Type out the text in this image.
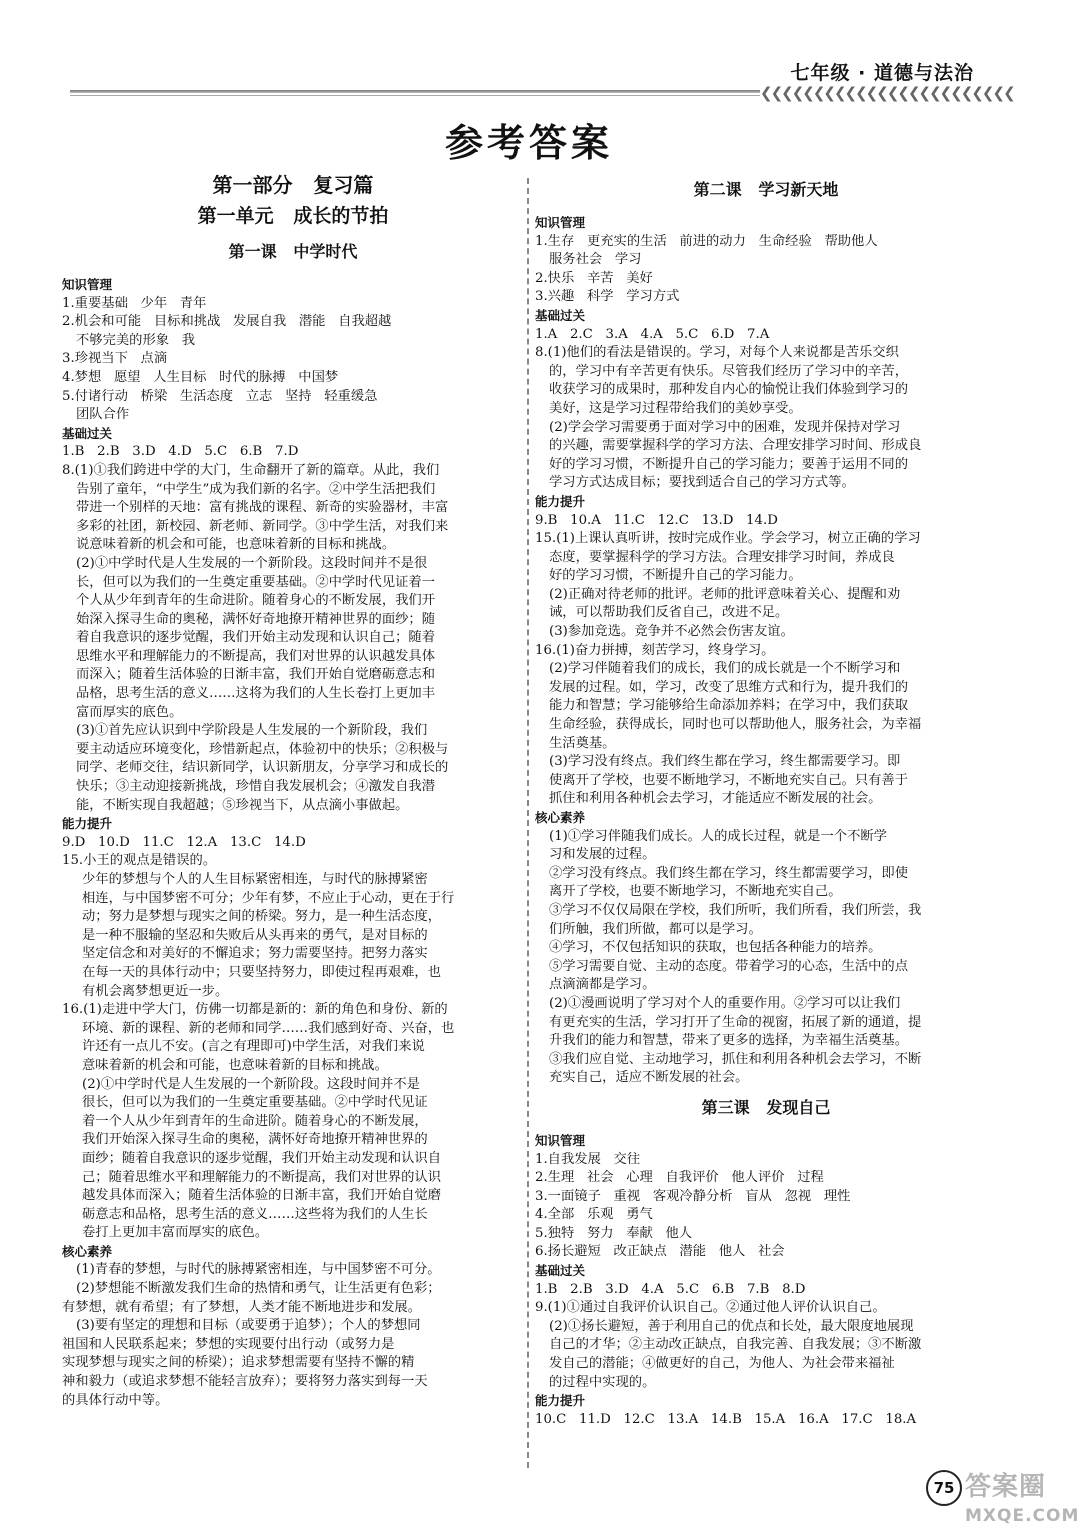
七年级 · 道德与法治
❮❮❮❮❮❮❮❮❮❮❮❮❮❮❮❮❮❮❮❮❮❮❮❮
参考答案
第一部分   复习篇
第一单元   成长的节拍
第一课   中学时代
知识管理
1.重要基础   少年   青年
2.机会和可能   目标和挑战   发展自我   潜能   自我超越
不够完美的形象   我
3.珍视当下   点滴
4.梦想   愿望   人生目标   时代的脉搏   中国梦
5.付诸行动   桥梁   生活态度   立志   坚持   轻重缓急
团队合作
基础过关
1.B   2.B   3.D   4.D   5.C   6.B   7.D
8.(1)①我们跨进中学的大门，生命翻开了新的篇章。从此，我们
告别了童年，“中学生”成为我们新的名字。②中学生活把我们
带进一个别样的天地：富有挑战的课程、新奇的实验器材，丰富
多彩的社团，新校园、新老师、新同学。③中学生活，对我们来
说意味着新的机会和可能，也意味着新的目标和挑战。
(2)①中学时代是人生发展的一个新阶段。这段时间并不是很
长，但可以为我们的一生奠定重要基础。②中学时代见证着一
个人从少年到青年的生命进阶。随着身心的不断发展，我们开
始深入探寻生命的奥秘，满怀好奇地撩开精神世界的面纱；随
着自我意识的逐步觉醒，我们开始主动发现和认识自己；随着
思维水平和理解能力的不断提高，我们对世界的认识越发具体
而深入；随着生活体验的日渐丰富，我们开始自觉磨砺意志和
品格，思考生活的意义……这将为我们的人生长卷打上更加丰
富而厚实的底色。
(3)①首先应认识到中学阶段是人生发展的一个新阶段，我们
要主动适应环境变化，珍惜新起点，体验初中的快乐；②积极与
同学、老师交往，结识新同学，认识新朋友，分享学习和成长的
快乐；③主动迎接新挑战，珍惜自我发展机会；④激发自我潜
能，不断实现自我超越；⑤珍视当下，从点滴小事做起。
能力提升
9.D   10.D   11.C   12.A   13.C   14.D
15.小王的观点是错误的。
少年的梦想与个人的人生目标紧密相连，与时代的脉搏紧密
相连，与中国梦密不可分；少年有梦，不应止于心动，更在于行
动；努力是梦想与现实之间的桥梁。努力，是一种生活态度，
是一种不服输的坚忍和失败后从头再来的勇气，是对目标的
坚定信念和对美好的不懈追求；努力需要坚持。把努力落实
在每一天的具体行动中；只要坚持努力，即使过程再艰难，也
有机会离梦想更近一步。
16.(1)走进中学大门，仿佛一切都是新的：新的角色和身份、新的
环境、新的课程、新的老师和同学……我们感到好奇、兴奋，也
许还有一点儿不安。(言之有理即可)中学生活，对我们来说
意味着新的机会和可能，也意味着新的目标和挑战。
(2)①中学时代是人生发展的一个新阶段。这段时间并不是
很长，但可以为我们的一生奠定重要基础。②中学时代见证
着一个人从少年到青年的生命进阶。随着身心的不断发展，
我们开始深入探寻生命的奥秘，满怀好奇地撩开精神世界的
面纱；随着自我意识的逐步觉醒，我们开始主动发现和认识自
己；随着思维水平和理解能力的不断提高，我们对世界的认识
越发具体而深入；随着生活体验的日渐丰富，我们开始自觉磨
砺意志和品格，思考生活的意义……这些将为我们的人生长
卷打上更加丰富而厚实的底色。
核心素养
(1)青春的梦想，与时代的脉搏紧密相连，与中国梦密不可分。
(2)梦想能不断激发我们生命的热情和勇气，让生活更有色彩；
有梦想，就有希望；有了梦想，人类才能不断地进步和发展。
(3)要有坚定的理想和目标（或要勇于追梦）；个人的梦想同
祖国和人民联系起来；梦想的实现要付出行动（或努力是
实现梦想与现实之间的桥梁）；追求梦想需要有坚持不懈的精
神和毅力（或追求梦想不能轻言放弃）；要将努力落实到每一天
的具体行动中等。
第二课   学习新天地
知识管理
1.生存   更充实的生活   前进的动力   生命经验   帮助他人
服务社会   学习
2.快乐   辛苦   美好
3.兴趣   科学   学习方式
基础过关
1.A   2.C   3.A   4.A   5.C   6.D   7.A
8.(1)他们的看法是错误的。学习，对每个人来说都是苦乐交织
的，学习中有辛苦更有快乐。尽管我们经历了学习中的辛苦，
收获学习的成果时，那种发自内心的愉悦让我们体验到学习的
美好，这是学习过程带给我们的美妙享受。
(2)学会学习需要勇于面对学习中的困难，发现并保持对学习
的兴趣，需要掌握科学的学习方法、合理安排学习时间、形成良
好的学习习惯，不断提升自己的学习能力；要善于运用不同的
学习方式达成目标；要找到适合自己的学习方式等。
能力提升
9.B   10.A   11.C   12.C   13.D   14.D
15.(1)上课认真听讲，按时完成作业。学会学习，树立正确的学习
态度，要掌握科学的学习方法。合理安排学习时间，养成良
好的学习习惯，不断提升自己的学习能力。
(2)正确对待老师的批评。老师的批评意味着关心、提醒和劝
诫，可以帮助我们反省自己，改进不足。
(3)参加竞选。竞争并不必然会伤害友谊。
16.(1)奋力拼搏，刻苦学习，终身学习。
(2)学习伴随着我们的成长，我们的成长就是一个不断学习和
发展的过程。如，学习，改变了思维方式和行为，提升我们的
能力和智慧；学习能够给生命添加养料；在学习中，我们获取
生命经验，获得成长，同时也可以帮助他人，服务社会，为幸福
生活奠基。
(3)学习没有终点。我们终生都在学习，终生都需要学习。即
使离开了学校，也要不断地学习，不断地充实自己。只有善于
抓住和利用各种机会去学习，才能适应不断发展的社会。
核心素养
(1)①学习伴随我们成长。人的成长过程，就是一个不断学
习和发展的过程。
②学习没有终点。我们终生都在学习，终生都需要学习，即使
离开了学校，也要不断地学习，不断地充实自己。
③学习不仅仅局限在学校，我们所听，我们所看，我们所尝，我
们所触，我们所做，都可以是学习。
④学习，不仅包括知识的获取，也包括各种能力的培养。
⑤学习需要自觉、主动的态度。带着学习的心态，生活中的点
点滴滴都是学习。
(2)①漫画说明了学习对个人的重要作用。②学习可以让我们
有更充实的生活，学习打开了生命的视窗，拓展了新的通道，提
升我们的能力和智慧，带来了更多的选择，为幸福生活奠基。
③我们应自觉、主动地学习，抓住和利用各种机会去学习，不断
充实自己，适应不断发展的社会。
第三课   发现自己
知识管理
1.自我发展   交往
2.生理   社会   心理   自我评价   他人评价   过程
3.一面镜子   重视   客观冷静分析   盲从   忽视   理性
4.全部   乐观   勇气
5.独特   努力   奉献   他人
6.扬长避短   改正缺点   潜能   他人   社会
基础过关
1.B   2.B   3.D   4.A   5.C   6.B   7.B   8.D
9.(1)①通过自我评价认识自己。②通过他人评价认识自己。
(2)①扬长避短，善于利用自己的优点和长处，最大限度地展现
自己的才华；②主动改正缺点，自我完善、自我发展；③不断激
发自己的潜能；④做更好的自己，为他人、为社会带来福祉
的过程中实现的。
能力提升
10.C   11.D   12.C   13.A   14.B   15.A   16.A   17.C   18.A
75 答案圈
MXQE.COM
